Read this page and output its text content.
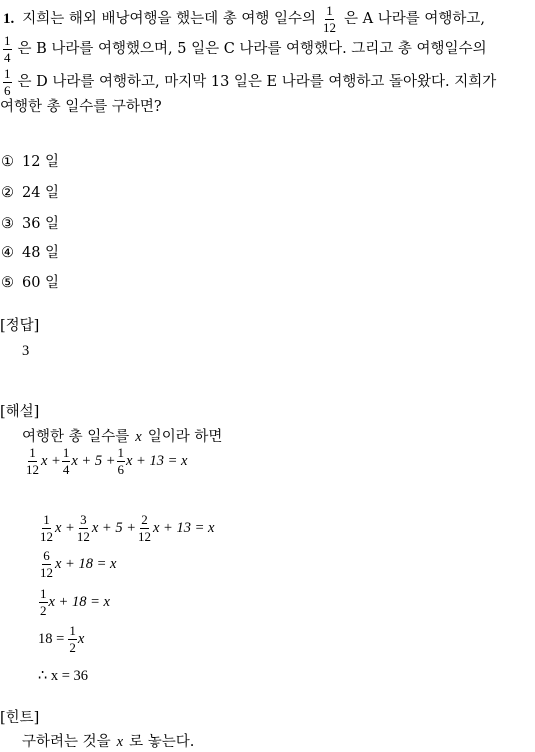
1. 지희는 해외 배낭여행을 했는데 총 여행 일수의 $\frac{1}{12}$ 은 A 나라를 여행하고,
$\frac{1}{4}$ 은 B 나라를 여행했으며, 5 일은 C 나라를 여행했다. 그리고 총 여행일수의
$\frac{1}{6}$ 은 D 나라를 여행하고, 마지막 13 일은 E 나라를 여행하고 돌아왔다. 지희가
여행한 총 일수를 구하면?
① 12 일
② 24 일
③ 36 일
④ 48 일
⑤ 60 일
[정답]
3
[해설]
여행한 총 일수를 x 일이라 하면
$\frac{1}{12}$ $x + \frac{1}{4}$ $x + 5 + \frac{1}{6}$ x + 13 = x
$\frac{1}{12}$ $x + \frac{3}{12}$ $x + 5 + \frac{2}{12}$ x + 13 = x
$\frac{6}{12}$ x + 18 = x
$\frac{1}{2}$ x + 18 = x
$18 = \frac{1}{2}$ x
∴ x = 36
[힌트]
구하려는 것을 x 로 놓는다.
